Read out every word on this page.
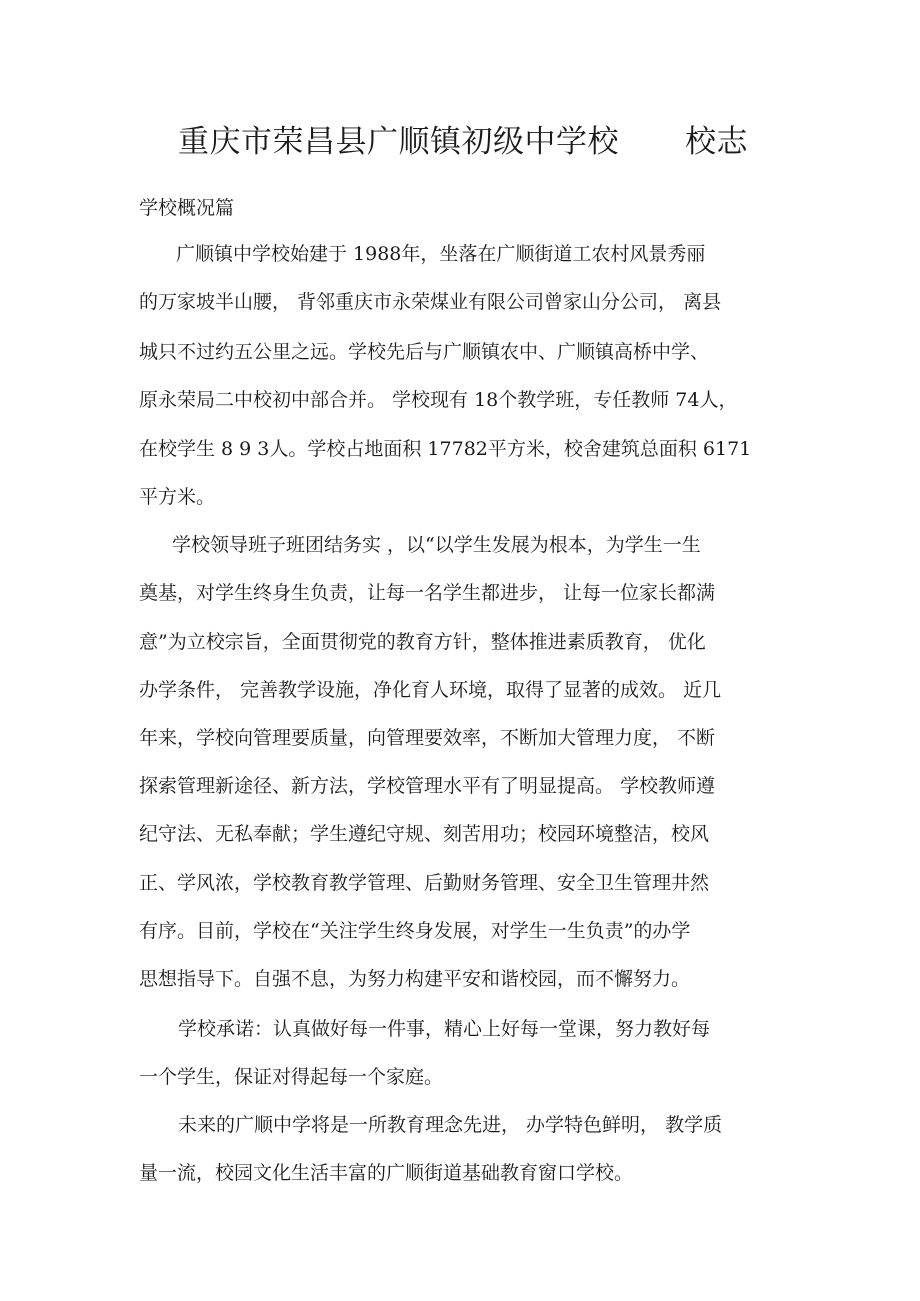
重庆市荣昌县广顺镇初级中学校 校志
学校概况篇
广顺镇中学校始建于 1988年，坐落在广顺街道工农村风景秀丽
的万家坡半山腰， 背邻重庆市永荣煤业有限公司曾家山分公司， 离县
城只不过约五公里之远。学校先后与广顺镇农中、广顺镇高桥中学、
原永荣局二中校初中部合并。 学校现有 18个教学班，专任教师 74人，
在校学生 8 9 3人。学校占地面积 17782平方米，校舍建筑总面积 6171
平方米。
学校领导班子班团结务实 ，以“以学生发展为根本，为学生一生
奠基，对学生终身生负责，让每一名学生都进步， 让每一位家长都满
意”为立校宗旨，全面贯彻党的教育方针，整体推进素质教育， 优化
办学条件， 完善教学设施，净化育人环境，取得了显著的成效。 近几
年来，学校向管理要质量，向管理要效率，不断加大管理力度， 不断
探索管理新途径、新方法，学校管理水平有了明显提高。 学校教师遵
纪守法、无私奉献；学生遵纪守规、刻苦用功；校园环境整洁，校风
正、学风浓，学校教育教学管理、后勤财务管理、安全卫生管理井然
有序。目前，学校在“关注学生终身发展，对学生一生负责”的办学
思想指导下。自强不息，为努力构建平安和谐校园，而不懈努力。
学校承诺：认真做好每一件事，精心上好每一堂课，努力教好每
一个学生，保证对得起每一个家庭。
未来的广顺中学将是一所教育理念先进， 办学特色鲜明， 教学质
量一流，校园文化生活丰富的广顺街道基础教育窗口学校。
